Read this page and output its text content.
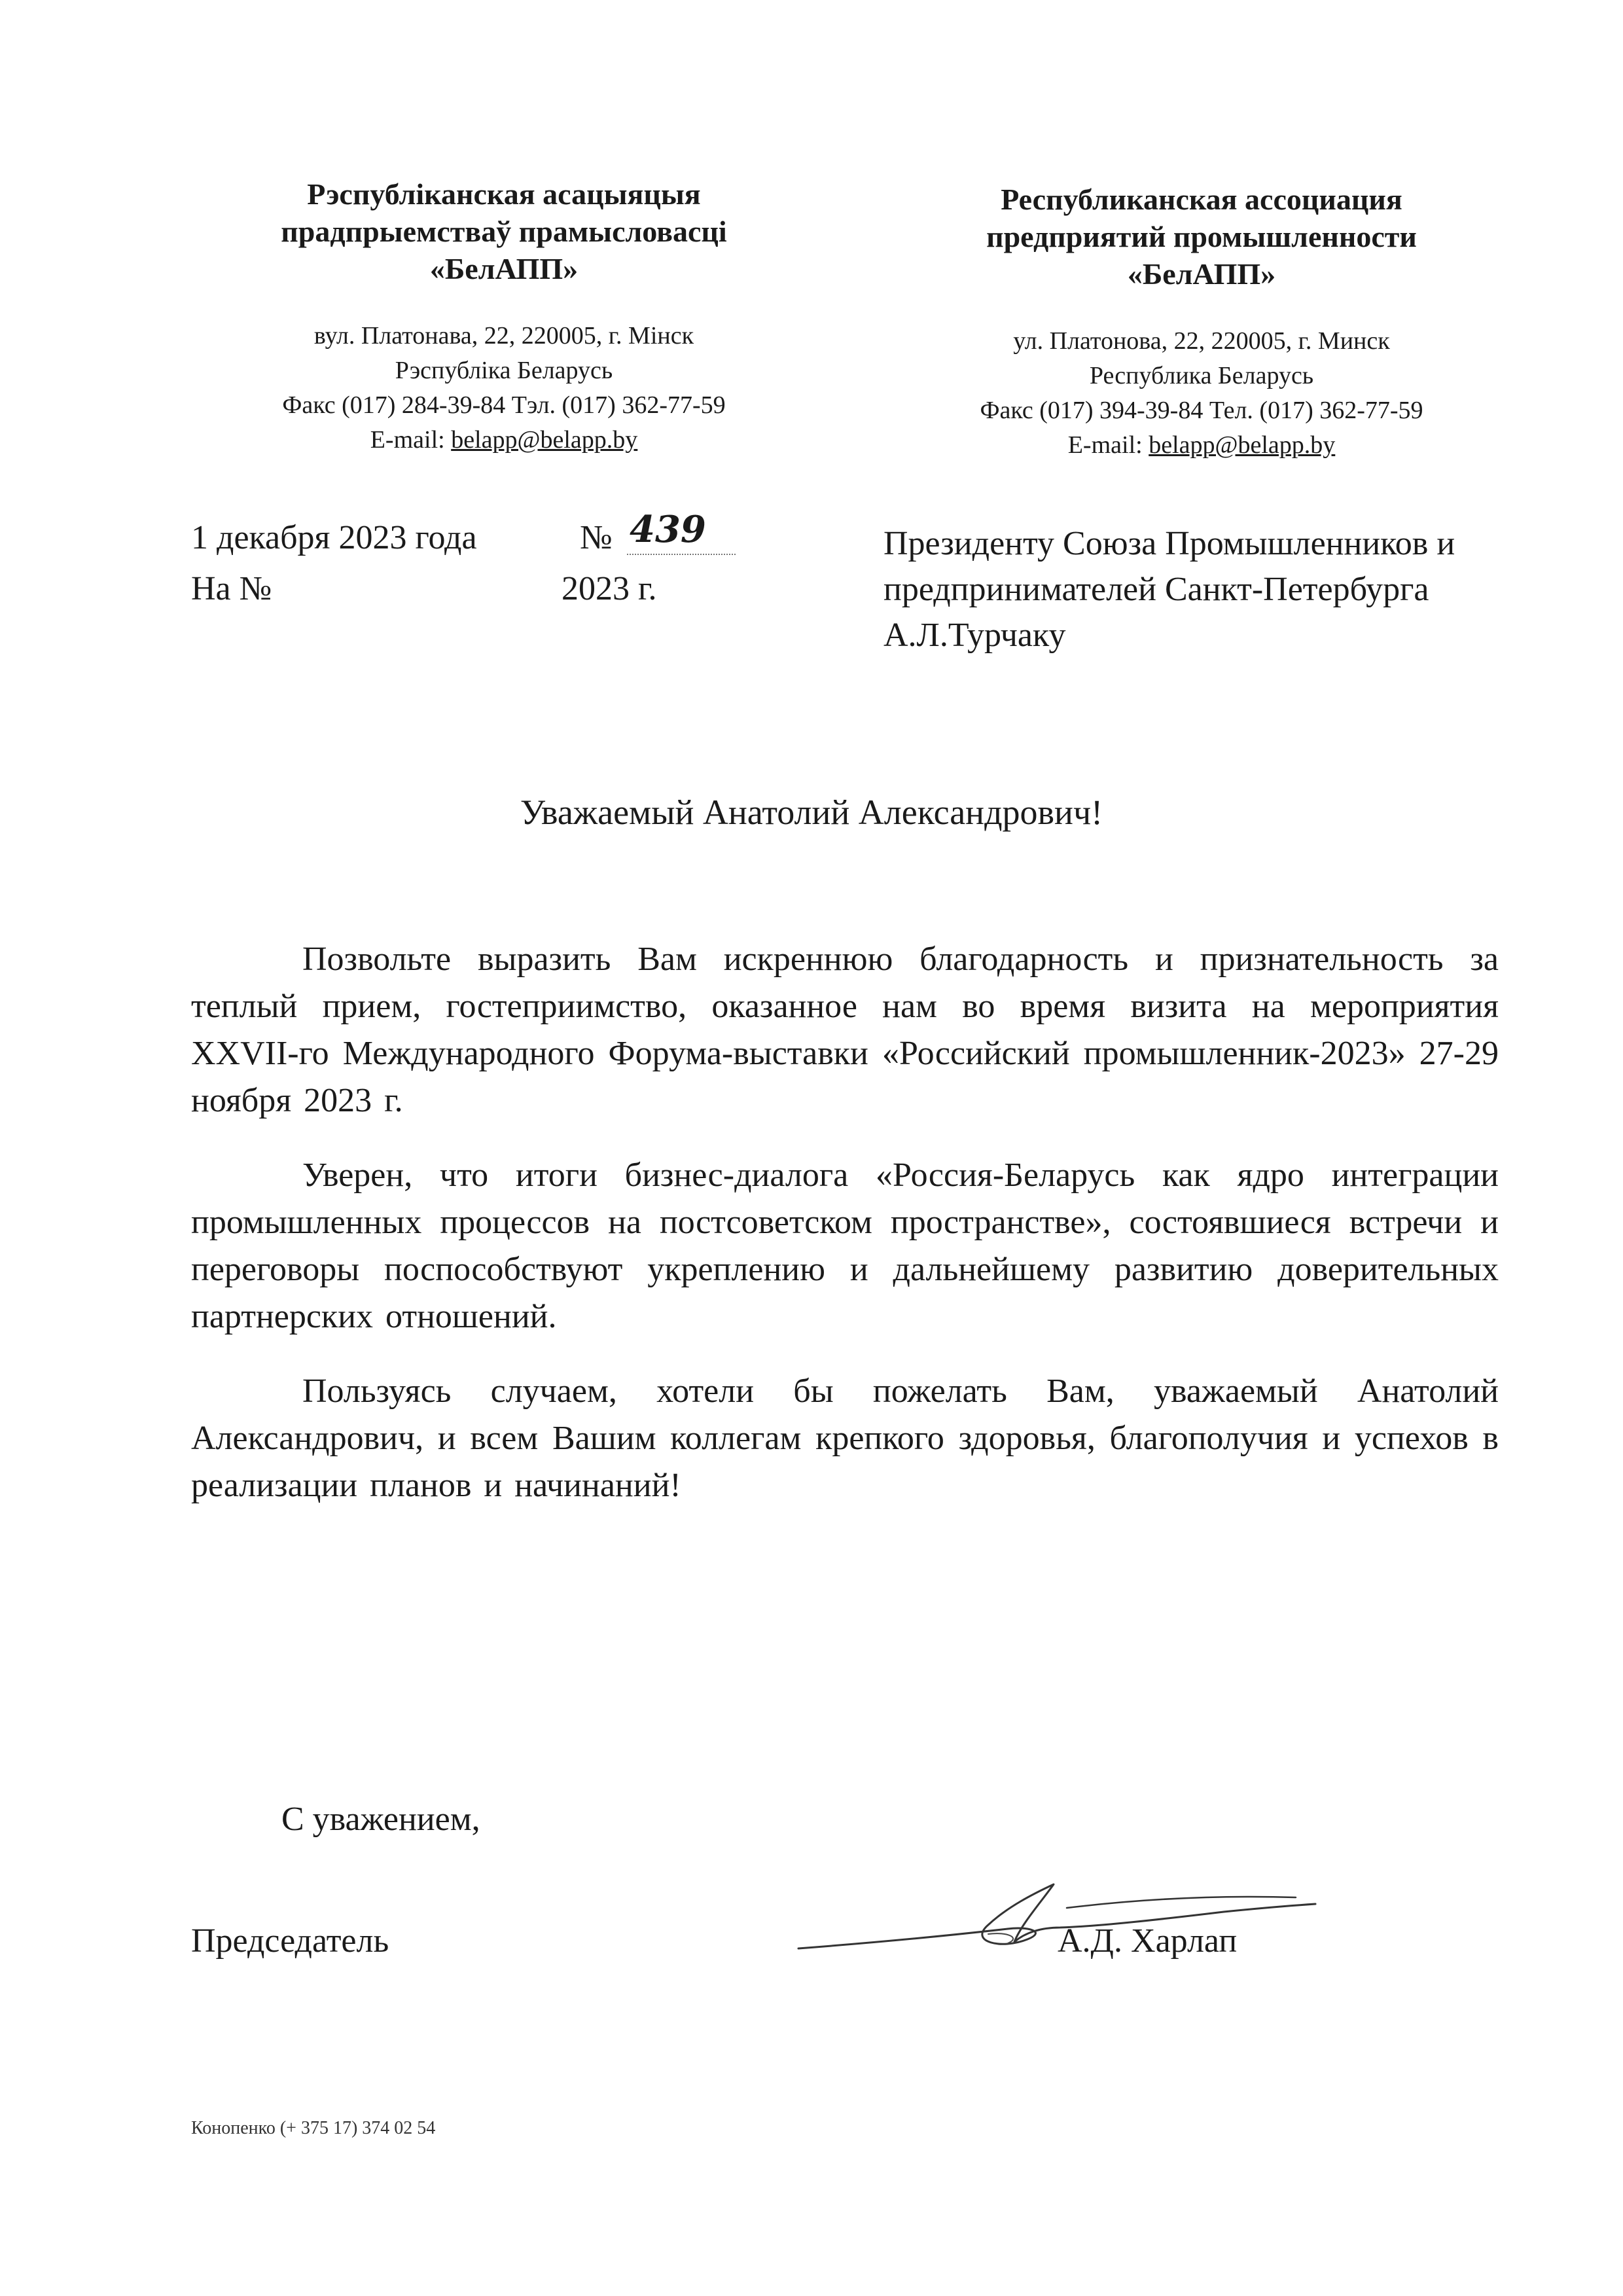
Рэспубліканская асацыяцыя
прадпрыемстваў прамысловасці
«БелАПП»
вул. Платонава, 22, 220005, г. Мінск
Рэспубліка Беларусь
Факс (017) 284-39-84 Тэл. (017) 362-77-59
E-mail: belapp@belapp.by
Республиканская ассоциация
предприятий промышленности
«БелАПП»
ул. Платонова, 22, 220005, г. Минск
Республика Беларусь
Факс (017) 394-39-84 Тел. (017) 362-77-59
E-mail: belapp@belapp.by
1 декабря 2023 года	№ 439
На №	2023 г.
Президенту Союза Промышленников и
предпринимателей Санкт-Петербурга
А.Л.Турчаку
Уважаемый Анатолий Александрович!

Позвольте выразить Вам искреннюю благодарность и признательность за теплый прием, гостеприимство, оказанное нам во время визита на мероприятия XXVII-го Международного Форума-выставки «Российский промышленник-2023» 27-29 ноября 2023 г.

Уверен, что итоги бизнес-диалога «Россия-Беларусь как ядро интеграции промышленных процессов на постсоветском пространстве», состоявшиеся встречи и переговоры поспособствуют укреплению и дальнейшему развитию доверительных партнерских отношений.

Пользуясь случаем, хотели бы пожелать Вам, уважаемый Анатолий Александрович, и всем Вашим коллегам крепкого здоровья, благополучия и успехов в реализации планов и начинаний!

С уважением,
Председатель	А.Д. Харлап
Конопенко (+ 375 17) 374 02 54
